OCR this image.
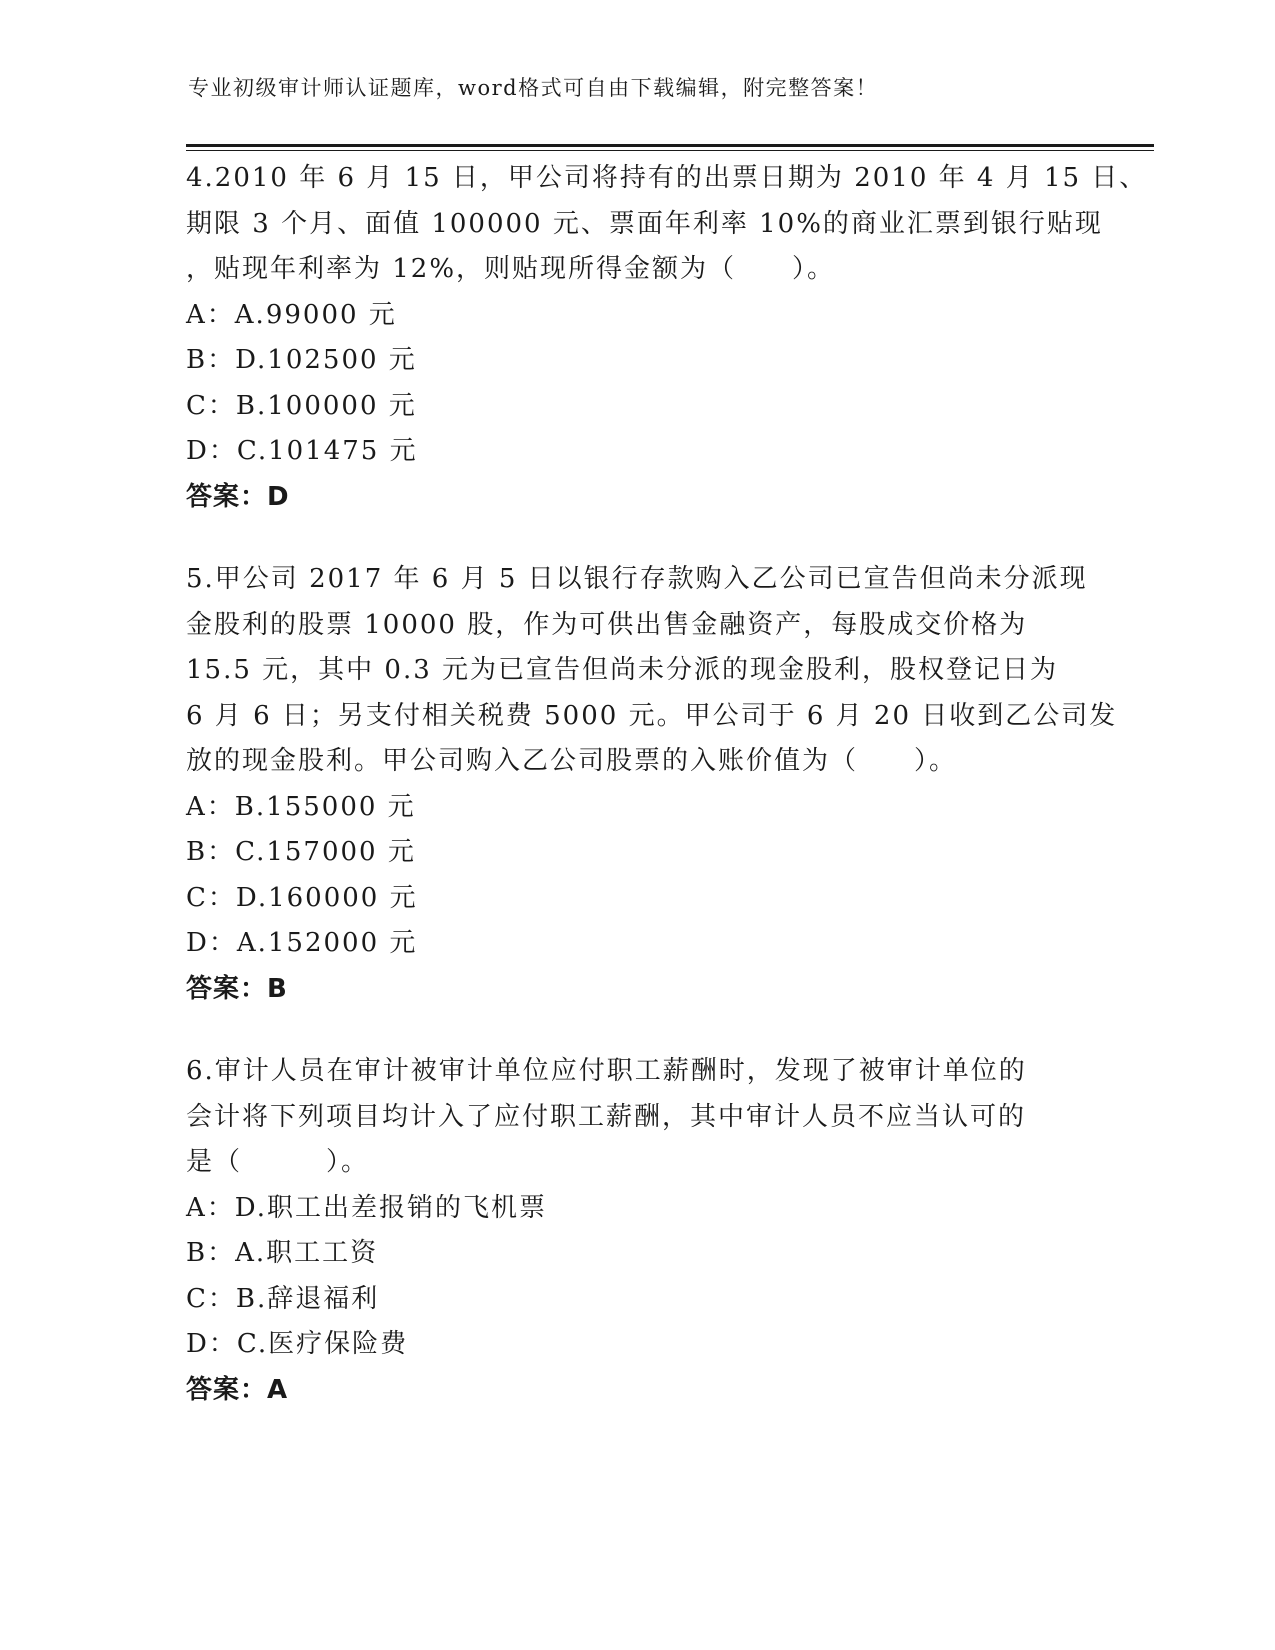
专业初级审计师认证题库，word格式可自由下载编辑，附完整答案！
4.2010 年 6 月 15 日，甲公司将持有的出票日期为 2010 年 4 月 15 日、
期限 3 个月、面值 100000 元、票面年利率 10%的商业汇票到银行贴现
，贴现年利率为 12%，则贴现所得金额为（　　）。
A：A.99000 元
B：D.102500 元
C：B.100000 元
D：C.101475 元
答案：D
5.甲公司 2017 年 6 月 5 日以银行存款购入乙公司已宣告但尚未分派现
金股利的股票 10000 股，作为可供出售金融资产，每股成交价格为
15.5 元，其中 0.3 元为已宣告但尚未分派的现金股利，股权登记日为
6 月 6 日；另支付相关税费 5000 元。甲公司于 6 月 20 日收到乙公司发
放的现金股利。甲公司购入乙公司股票的入账价值为（　　）。
A：B.155000 元
B：C.157000 元
C：D.160000 元
D：A.152000 元
答案：B
6.审计人员在审计被审计单位应付职工薪酬时，发现了被审计单位的
会计将下列项目均计入了应付职工薪酬，其中审计人员不应当认可的
是（　　　）。
A：D.职工出差报销的飞机票
B：A.职工工资
C：B.辞退福利
D：C.医疗保险费
答案：A
